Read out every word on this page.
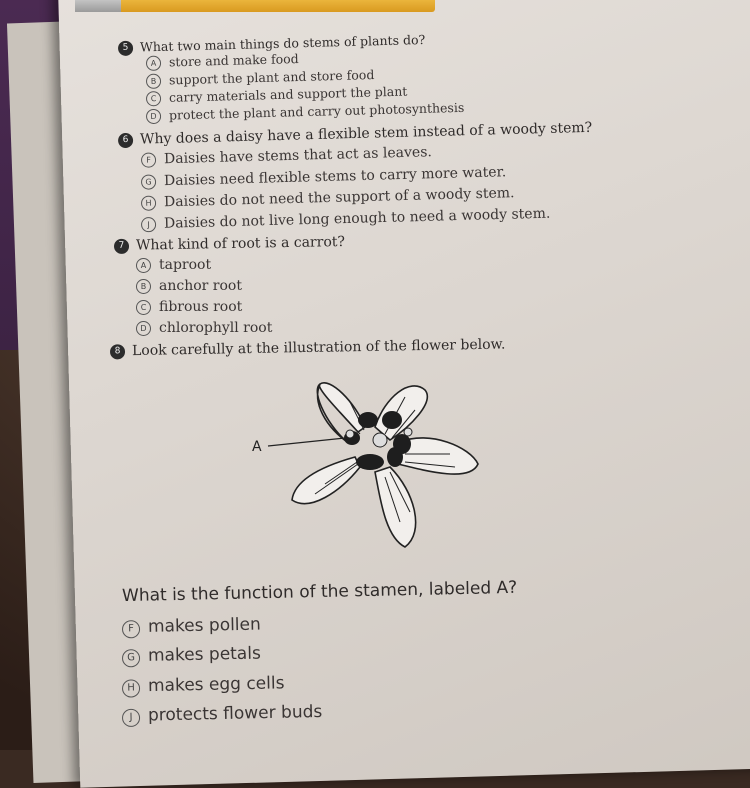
5 What two main things do stems of plants do?
A store and make food
B support the plant and store food
C carry materials and support the plant
D protect the plant and carry out photosynthesis
6 Why does a daisy have a flexible stem instead of a woody stem?
F Daisies have stems that act as leaves.
G Daisies need flexible stems to carry more water.
H Daisies do not need the support of a woody stem.
J Daisies do not live long enough to need a woody stem.
7 What kind of root is a carrot?
A taproot
B anchor root
C fibrous root
D chlorophyll root
8 Look carefully at the illustration of the flower below.
A
What is the function of the stamen, labeled A?
F makes pollen
G makes petals
H makes egg cells
J protects flower buds
